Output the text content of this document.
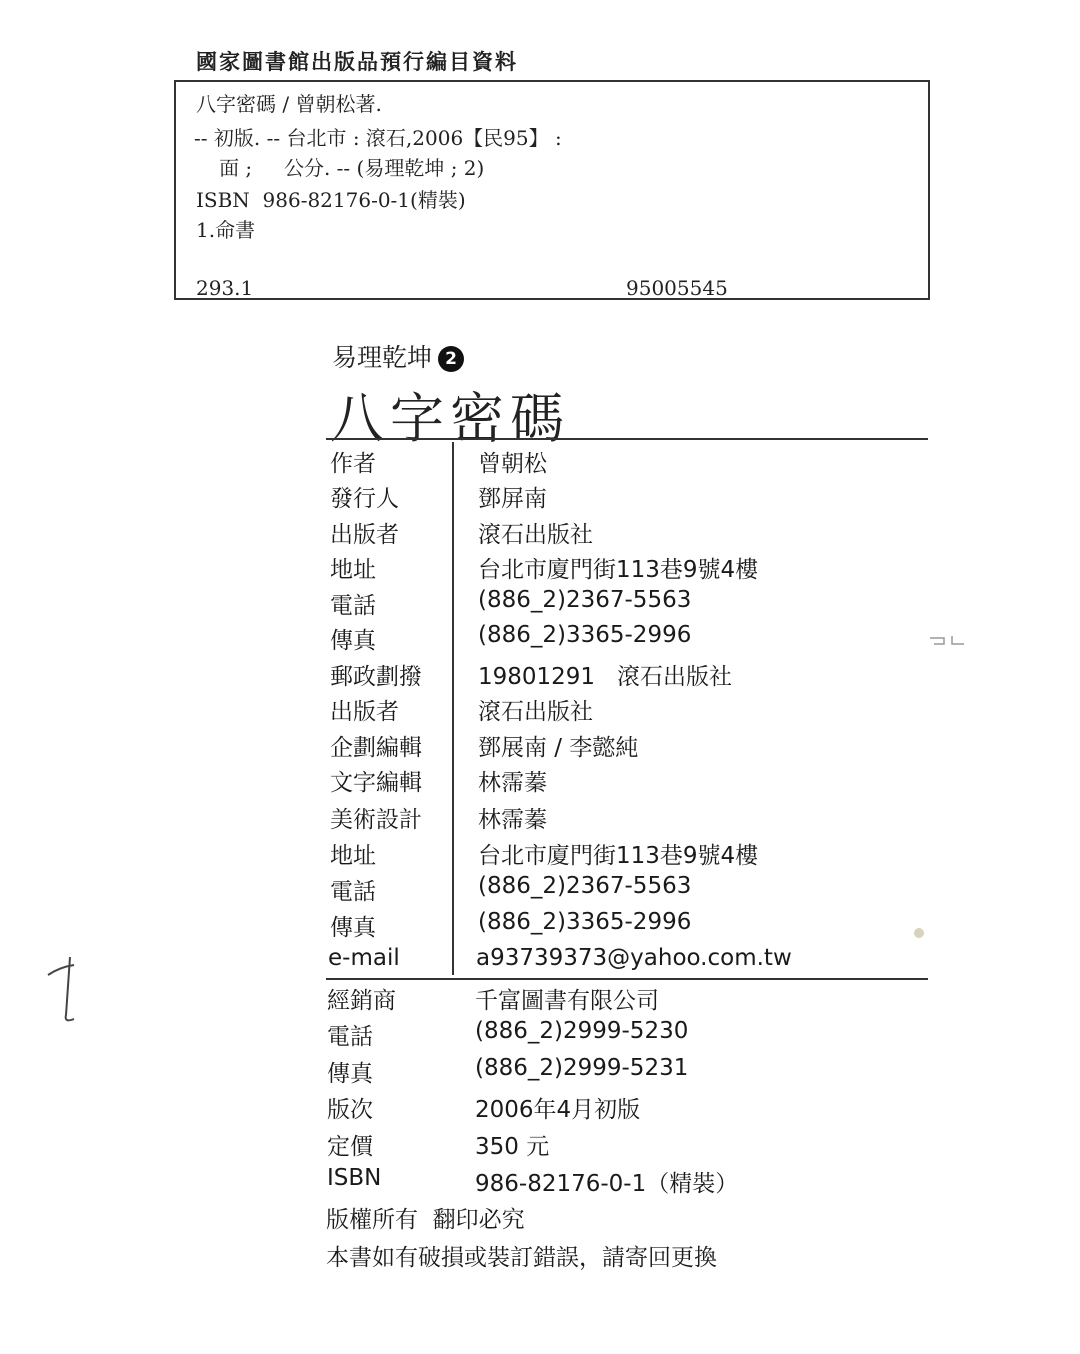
國家圖書館出版品預行編目資料
八字密碼 / 曾朝松著.
-- 初版. -- 台北市 : 滾石,2006【民95】 :
面 ;     公分. -- (易理乾坤 ; 2)
ISBN  986-82176-0-1(精裝)
1.命書
293.1	95005545
易理乾坤 2
八字密碼
作者	曾朝松
發行人	鄧屏南
出版者	滾石出版社
地址	台北市廈門街113巷9號4樓
電話	(886_2)2367-5563
傳真	(886_2)3365-2996
郵政劃撥 19801291   滾石出版社
出版者	滾石出版社
企劃編輯 鄧展南 / 李懿純
文字編輯 林霈蓁
美術設計 林霈蓁
地址	台北市廈門街113巷9號4樓
電話	(886_2)2367-5563
傳真	(886_2)3365-2996
e-mail	a93739373@yahoo.com.tw
經銷商	千富圖書有限公司
電話	(886_2)2999-5230
傳真	(886_2)2999-5231
版次	2006年4月初版
定價	350 元
ISBN	986-82176-0-1（精裝）
版權所有  翻印必究
本書如有破損或裝訂錯誤，請寄回更換
